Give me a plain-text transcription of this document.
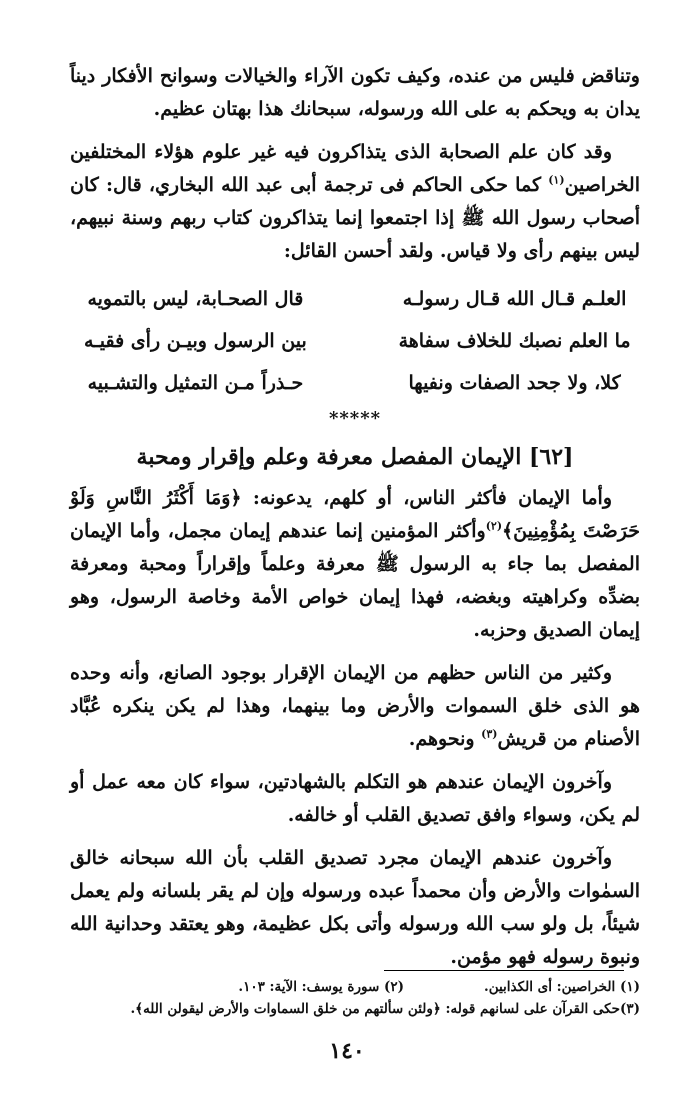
وتناقض فليس من عنده، وكيف تكون الآراء والخيالات وسوانح الأفكار ديناً يدان به ويحكم به على الله ورسوله، سبحانك هذا بهتان عظيم.

وقد كان علم الصحابة الذى يتذاكرون فيه غير علوم هؤلاء المختلفين الخراصين$^{(١)}$ كما حكى الحاكم فى ترجمة أبى عبد الله البخاري، قال: كان أصحاب رسول الله ﷺ إذا اجتمعوا إنما يتذاكرون كتاب ربهم وسنة نبيهم، ليس بينهم رأى ولا قياس. ولقد أحسن القائل:

العلـم قـال الله قـال رسولـه
قال الصحـابة، ليس بالتمويه
ما العلم نصبك للخلاف سفاهة
بين الرسول وبيـن رأى فقيـه
كلا، ولا جحد الصفات ونفيها
حـذراً مـن التمثيل والتشـبيه
*****
[٦٢] الإيمان المفصل معرفة وعلم وإقرار ومحبة

وأما الإيمان فأكثر الناس، أو كلهم، يدعونه: ﴿وَمَا أَكْثَرُ النَّاسِ وَلَوْ حَرَصْتَ بِمُؤْمِنِينَ﴾$^{(٢)}$وأكثر المؤمنين إنما عندهم إيمان مجمل، وأما الإيمان المفصل بما جاء به الرسول ﷺ معرفة وعلماً وإقراراً ومحبة ومعرفة بضدِّه وكراهيته وبغضه، فهذا إيمان خواص الأمة وخاصة الرسول، وهو إيمان الصديق وحزبه.

وكثير من الناس حظهم من الإيمان الإقرار بوجود الصانع، وأنه وحده هو الذى خلق السموات والأرض وما بينهما، وهذا لم يكن ينكره عُبَّاد الأصنام من قريش$^{(٣)}$ ونحوهم.

وآخرون الإيمان عندهم هو التكلم بالشهادتين، سواء كان معه عمل أو لم يكن، وسواء وافق تصديق القلب أو خالفه.

وآخرون عندهم الإيمان مجرد تصديق القلب بأن الله سبحانه خالق السمٰوات والأرض وأن محمداً عبده ورسوله وإن لم يقر بلسانه ولم يعمل شيئاً، بل ولو سب الله ورسوله وأتى بكل عظيمة، وهو يعتقد وحدانية الله ونبوة رسوله فهو مؤمن.

(١) الخراصين: أى الكذابين.
(٢) سورة يوسف: الآية: ١٠٣.
(٣)حكى القرآن على لسانهم قوله: ﴿ولئن سألتهم من خلق السماوات والأرض ليقولن الله﴾.
١٤٠
